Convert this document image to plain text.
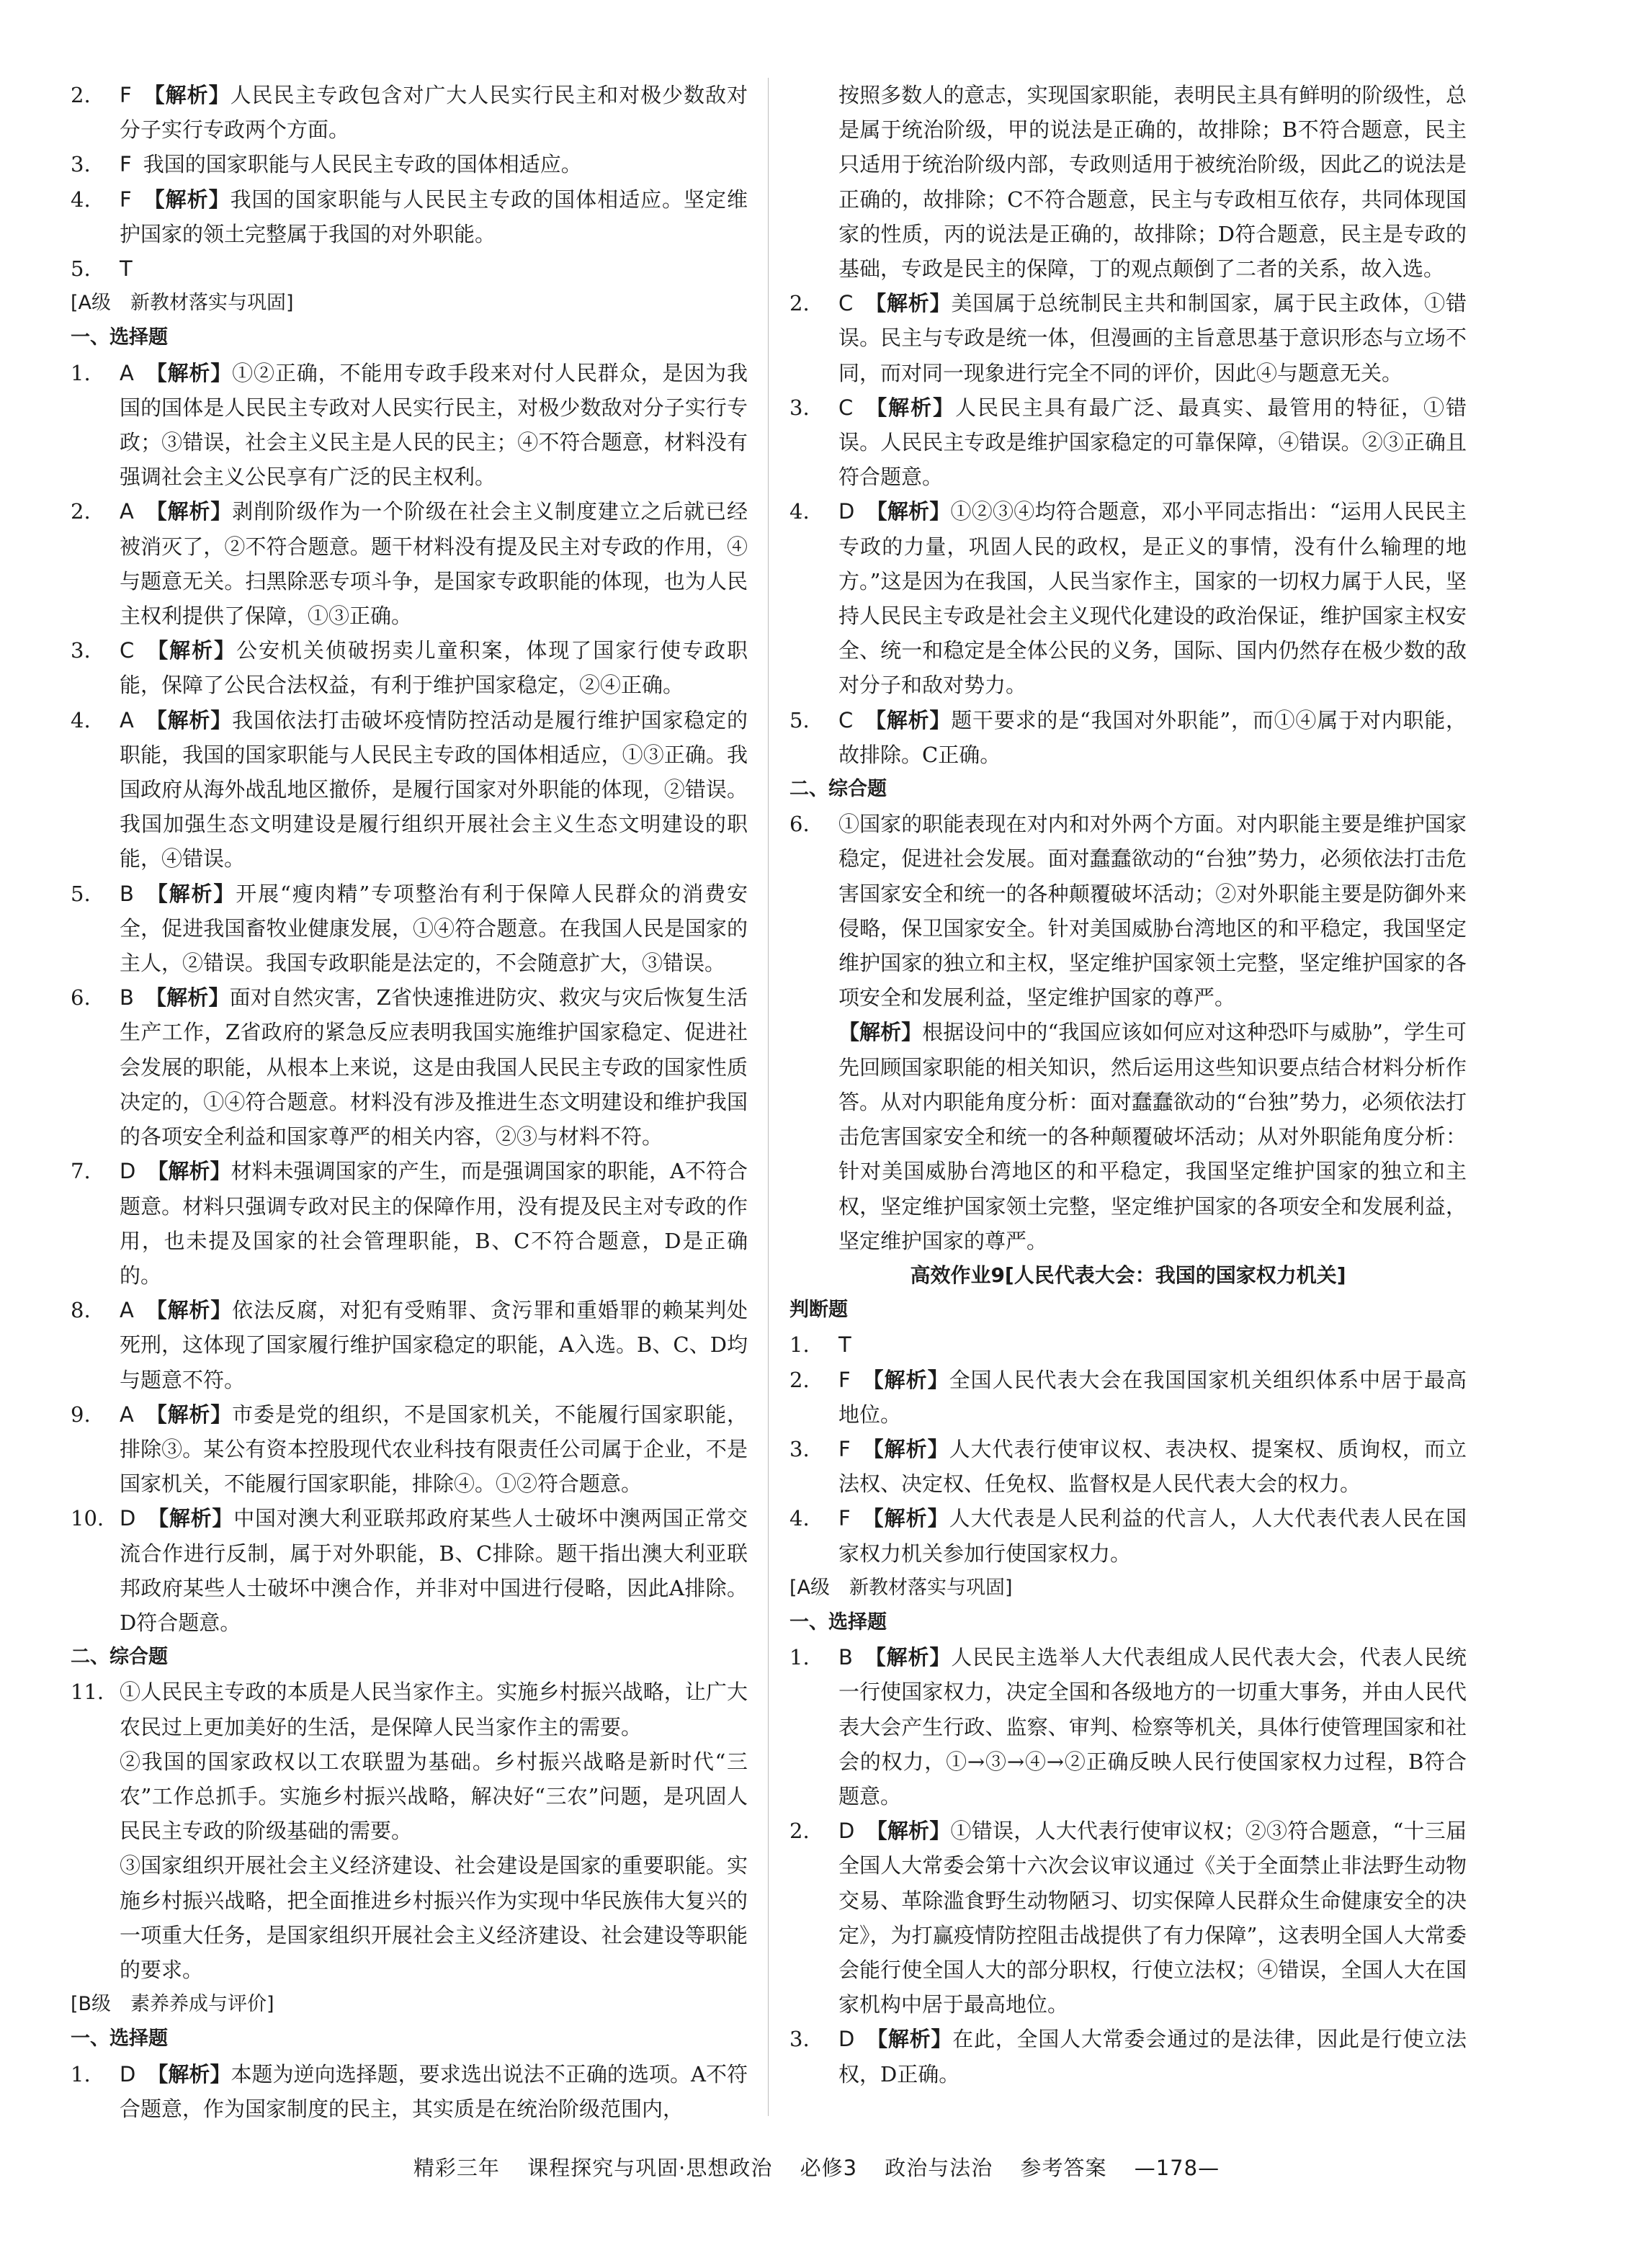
2.	F 【解析】人民民主专政包含对广大人民实行民主和对极少数敌对分子实行专政两个方面。
3.	F 我国的国家职能与人民民主专政的国体相适应。
4.	F 【解析】我国的国家职能与人民民主专政的国体相适应。坚定维护国家的领土完整属于我国的对外职能。
5.	T
[A级　新教材落实与巩固]
一、选择题
1.	A 【解析】①②正确，不能用专政手段来对付人民群众，是因为我国的国体是人民民主专政对人民实行民主，对极少数敌对分子实行专政；③错误，社会主义民主是人民的民主；④不符合题意，材料没有强调社会主义公民享有广泛的民主权利。
2.	A 【解析】剥削阶级作为一个阶级在社会主义制度建立之后就已经被消灭了，②不符合题意。题干材料没有提及民主对专政的作用，④与题意无关。扫黑除恶专项斗争，是国家专政职能的体现，也为人民主权利提供了保障，①③正确。
3.	C 【解析】公安机关侦破拐卖儿童积案，体现了国家行使专政职能，保障了公民合法权益，有利于维护国家稳定，②④正确。
4.	A 【解析】我国依法打击破坏疫情防控活动是履行维护国家稳定的职能，我国的国家职能与人民民主专政的国体相适应，①③正确。我国政府从海外战乱地区撤侨，是履行国家对外职能的体现，②错误。我国加强生态文明建设是履行组织开展社会主义生态文明建设的职能，④错误。
5.	B 【解析】开展“瘦肉精”专项整治有利于保障人民群众的消费安全，促进我国畜牧业健康发展，①④符合题意。在我国人民是国家的主人，②错误。我国专政职能是法定的，不会随意扩大，③错误。
6.	B 【解析】面对自然灾害，Z省快速推进防灾、救灾与灾后恢复生活生产工作，Z省政府的紧急反应表明我国实施维护国家稳定、促进社会发展的职能，从根本上来说，这是由我国人民民主专政的国家性质决定的，①④符合题意。材料没有涉及推进生态文明建设和维护我国的各项安全利益和国家尊严的相关内容，②③与材料不符。
7.	D 【解析】材料未强调国家的产生，而是强调国家的职能，A不符合题意。材料只强调专政对民主的保障作用，没有提及民主对专政的作用，也未提及国家的社会管理职能，B、C不符合题意，D是正确的。
8.	A 【解析】依法反腐，对犯有受贿罪、贪污罪和重婚罪的赖某判处死刑，这体现了国家履行维护国家稳定的职能，A入选。B、C、D均与题意不符。
9.	A 【解析】市委是党的组织，不是国家机关，不能履行国家职能，排除③。某公有资本控股现代农业科技有限责任公司属于企业，不是国家机关，不能履行国家职能，排除④。①②符合题意。
10. D 【解析】中国对澳大利亚联邦政府某些人士破坏中澳两国正常交流合作进行反制，属于对外职能，B、C排除。题干指出澳大利亚联邦政府某些人士破坏中澳合作，并非对中国进行侵略，因此A排除。D符合题意。
二、综合题
11. ①人民民主专政的本质是人民当家作主。实施乡村振兴战略，让广大农民过上更加美好的生活，是保障人民当家作主的需要。
②我国的国家政权以工农联盟为基础。乡村振兴战略是新时代“三农”工作总抓手。实施乡村振兴战略，解决好“三农”问题，是巩固人民民主专政的阶级基础的需要。
③国家组织开展社会主义经济建设、社会建设是国家的重要职能。实施乡村振兴战略，把全面推进乡村振兴作为实现中华民族伟大复兴的一项重大任务，是国家组织开展社会主义经济建设、社会建设等职能的要求。
[B级　素养养成与评价]
一、选择题
1.	D 【解析】本题为逆向选择题，要求选出说法不正确的选项。A不符合题意，作为国家制度的民主，其实质是在统治阶级范围内，
按照多数人的意志，实现国家职能，表明民主具有鲜明的阶级性，总是属于统治阶级，甲的说法是正确的，故排除；B不符合题意，民主只适用于统治阶级内部，专政则适用于被统治阶级，因此乙的说法是正确的，故排除；C不符合题意，民主与专政相互依存，共同体现国家的性质，丙的说法是正确的，故排除；D符合题意，民主是专政的基础，专政是民主的保障，丁的观点颠倒了二者的关系，故入选。
2.	C 【解析】美国属于总统制民主共和制国家，属于民主政体，①错误。民主与专政是统一体，但漫画的主旨意思基于意识形态与立场不同，而对同一现象进行完全不同的评价，因此④与题意无关。
3.	C 【解析】人民民主具有最广泛、最真实、最管用的特征，①错误。人民民主专政是维护国家稳定的可靠保障，④错误。②③正确且符合题意。
4.	D 【解析】①②③④均符合题意，邓小平同志指出：“运用人民民主专政的力量，巩固人民的政权，是正义的事情，没有什么输理的地方。”这是因为在我国，人民当家作主，国家的一切权力属于人民，坚持人民民主专政是社会主义现代化建设的政治保证，维护国家主权安全、统一和稳定是全体公民的义务，国际、国内仍然存在极少数的敌对分子和敌对势力。
5.	C 【解析】题干要求的是“我国对外职能”，而①④属于对内职能，故排除。C正确。
二、综合题
6.	①国家的职能表现在对内和对外两个方面。对内职能主要是维护国家稳定，促进社会发展。面对蠢蠢欲动的“台独”势力，必须依法打击危害国家安全和统一的各种颠覆破坏活动；②对外职能主要是防御外来侵略，保卫国家安全。针对美国威胁台湾地区的和平稳定，我国坚定维护国家的独立和主权，坚定维护国家领土完整，坚定维护国家的各项安全和发展利益，坚定维护国家的尊严。
【解析】根据设问中的“我国应该如何应对这种恐吓与威胁”，学生可先回顾国家职能的相关知识，然后运用这些知识要点结合材料分析作答。从对内职能角度分析：面对蠢蠢欲动的“台独”势力，必须依法打击危害国家安全和统一的各种颠覆破坏活动；从对外职能角度分析：针对美国威胁台湾地区的和平稳定，我国坚定维护国家的独立和主权，坚定维护国家领土完整，坚定维护国家的各项安全和发展利益，坚定维护国家的尊严。
高效作业9[人民代表大会：我国的国家权力机关]
判断题
1.	T
2.	F 【解析】全国人民代表大会在我国国家机关组织体系中居于最高地位。
3.	F 【解析】人大代表行使审议权、表决权、提案权、质询权，而立法权、决定权、任免权、监督权是人民代表大会的权力。
4.	F 【解析】人大代表是人民利益的代言人，人大代表代表人民在国家权力机关参加行使国家权力。
[A级　新教材落实与巩固]
一、选择题
1.	B 【解析】人民民主选举人大代表组成人民代表大会，代表人民统一行使国家权力，决定全国和各级地方的一切重大事务，并由人民代表大会产生行政、监察、审判、检察等机关，具体行使管理国家和社会的权力，①→③→④→②正确反映人民行使国家权力过程，B符合题意。
2.	D 【解析】①错误，人大代表行使审议权；②③符合题意，“十三届全国人大常委会第十六次会议审议通过《关于全面禁止非法野生动物交易、革除滥食野生动物陋习、切实保障人民群众生命健康安全的决定》，为打赢疫情防控阻击战提供了有力保障”，这表明全国人大常委会能行使全国人大的部分职权，行使立法权；④错误，全国人大在国家机构中居于最高地位。
3.	D 【解析】在此，全国人大常委会通过的是法律，因此是行使立法权，D正确。
精彩三年 课程探究与巩固·思想政治 必修3 政治与法治 参考答案 —178—
